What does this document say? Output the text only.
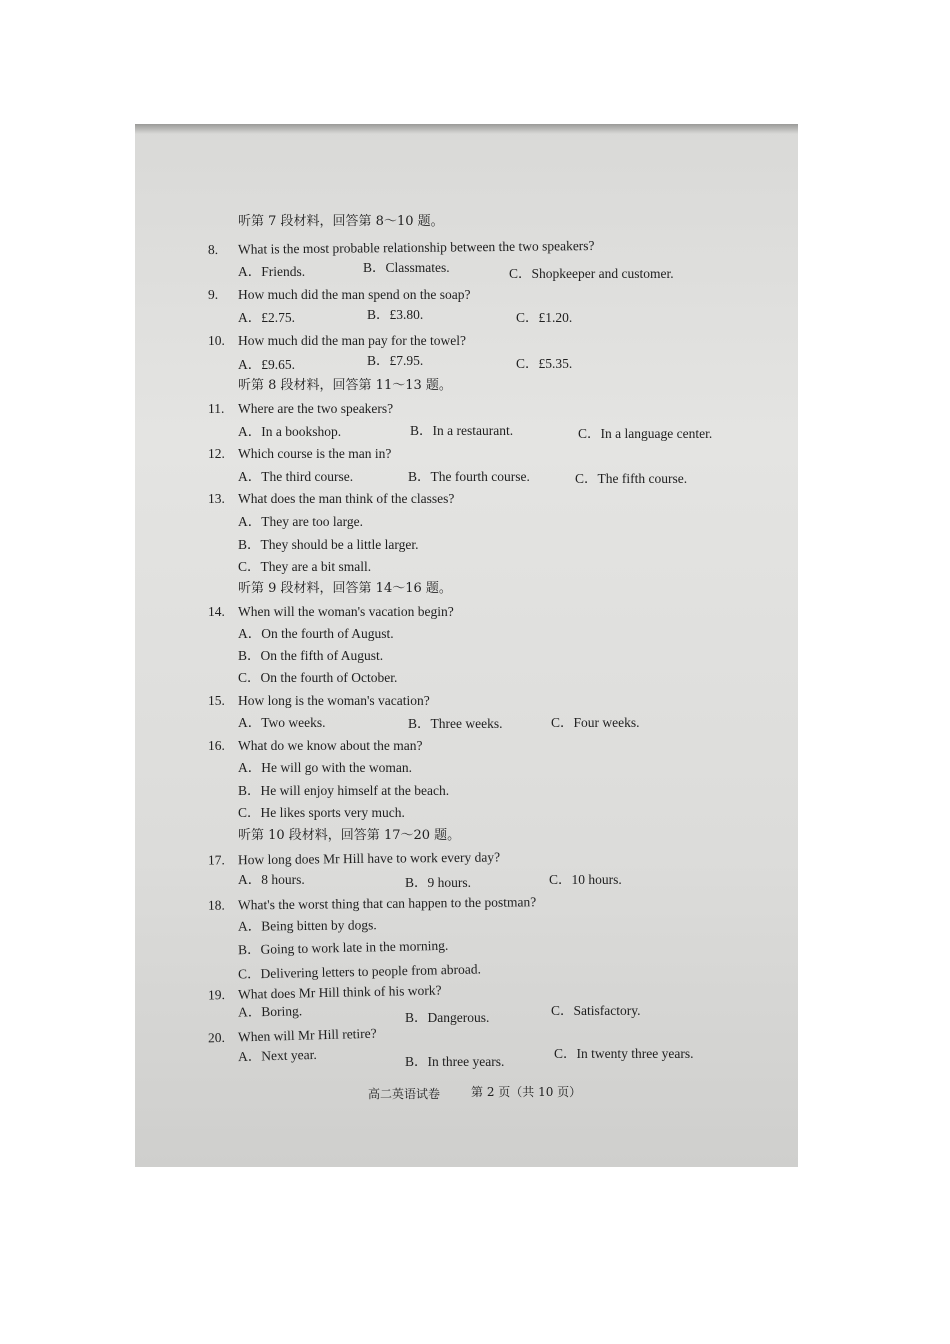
听第 7 段材料，回答第 8～10 题。
8. What is the most probable relationship between the two speakers?
A．Friends.	B．Classmates.	C．Shopkeeper and customer.
9. How much did the man spend on the soap?
A．£2.75.	B．£3.80.	C．£1.20.
10. How much did the man pay for the towel?
A．£9.65.	B．£7.95.	C．£5.35.
听第 8 段材料，回答第 11～13 题。
11. Where are the two speakers?
A．In a bookshop.	B．In a restaurant.	C．In a language center.
12. Which course is the man in?
A．The third course.	B．The fourth course.	C．The fifth course.
13. What does the man think of the classes?
A．They are too large.
B．They should be a little larger.
C．They are a bit small.
听第 9 段材料，回答第 14～16 题。
14. When will the woman's vacation begin?
A．On the fourth of August.
B．On the fifth of August.
C．On the fourth of October.
15. How long is the woman's vacation?
A．Two weeks.	B．Three weeks.	C．Four weeks.
16. What do we know about the man?
A．He will go with the woman.
B．He will enjoy himself at the beach.
C．He likes sports very much.
听第 10 段材料，回答第 17～20 题。
17. How long does Mr Hill have to work every day?
A．8 hours.	B．9 hours.	C．10 hours.
18. What's the worst thing that can happen to the postman?
A．Being bitten by dogs.
B．Going to work late in the morning.
C．Delivering letters to people from abroad.
19. What does Mr Hill think of his work?
A．Boring.	B．Dangerous.	C．Satisfactory.
20. When will Mr Hill retire?
A．Next year.	B．In three years.
C．In twenty three years.
高二英语试卷	第 2 页（共 10 页）
